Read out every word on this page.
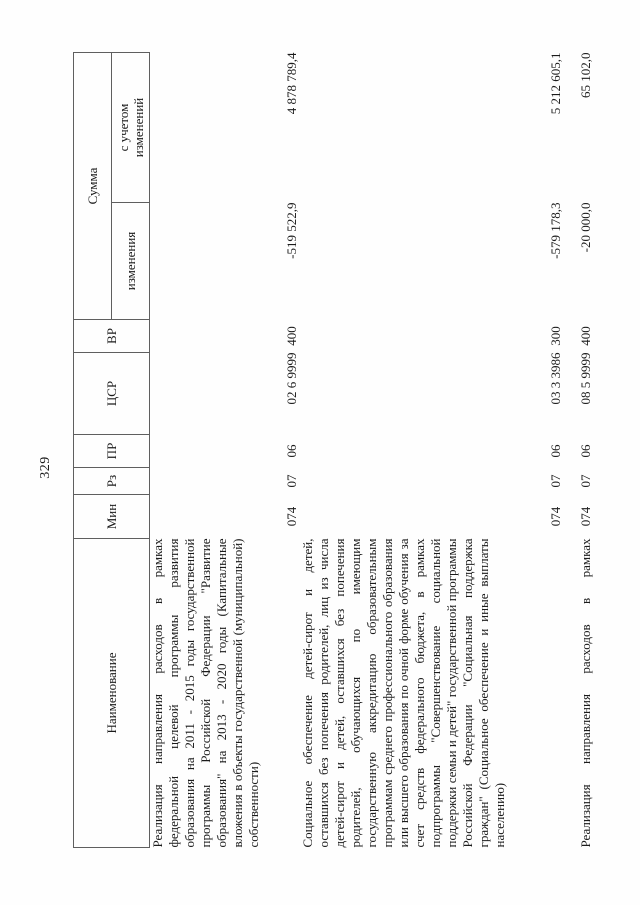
329
Наименование	Мин	Рз	ПР	ЦСР	ВР	Сумма	
						изменения	с учетом изменений

Реализация направления расходов в рамках федеральной целевой программы развития образования на 2011 - 2015 годы государственной программы Российской Федерации "Развитие образования" на 2013 - 2020 годы (Капитальные вложения в объекты государственной (муниципальной) собственности)	074	07	06	02 6 9999	400	-519 522,9	4 878 789,4
Социальное обеспечение детей-сирот и детей, оставшихся без попечения родителей, лиц из числа детей-сирот и детей, оставшихся без попечения родителей, обучающихся по имеющим государственную аккредитацию образовательным программам среднего профессионального образования или высшего образования по очной форме обучения за счет средств федерального бюджета, в рамках подпрограммы "Совершенствование социальной поддержки семьи и детей" государственной программы Российской Федерации "Социальная поддержка граждан" (Социальное обеспечение и иные выплаты населению)	074	07	06	03 3 3986	300	-579 178,3	5 212 605,1
Реализация направления расходов в рамках	074	07	06	08 5 9999	400	-20 000,0	65 102,0
